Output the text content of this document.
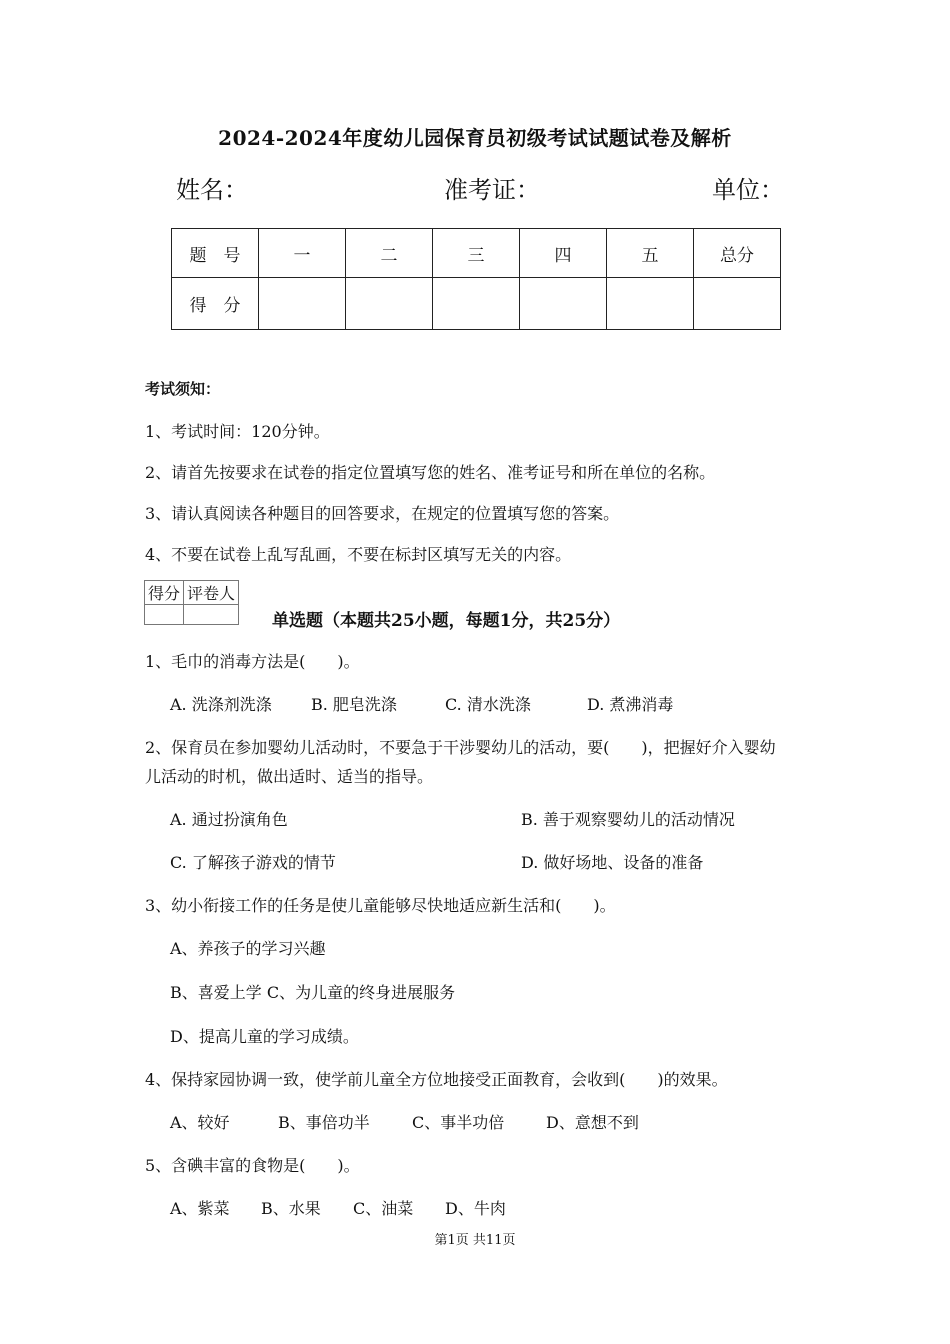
2024-2024年度幼儿园保育员初级考试试题试卷及解析
姓名：	准考证：	单位：
题　号	一	二	三	四	五	总分
得　分						
考试须知：
1、考试时间：120分钟。
2、请首先按要求在试卷的指定位置填写您的姓名、准考证号和所在单位的名称。
3、请认真阅读各种题目的回答要求，在规定的位置填写您的答案。
4、不要在试卷上乱写乱画，不要在标封区填写无关的内容。
得分	评卷人

单选题（本题共25小题，每题1分，共25分）
1、毛巾的消毒方法是(　　)。
A. 洗涤剂洗涤 B. 肥皂洗涤	C. 清水洗涤	D. 煮沸消毒
2、保育员在参加婴幼儿活动时，不要急于干涉婴幼儿的活动，要(　　)，把握好介入婴幼
儿活动的时机，做出适时、适当的指导。
A. 通过扮演角色	B. 善于观察婴幼儿的活动情况
C. 了解孩子游戏的情节	D. 做好场地、设备的准备
3、幼小衔接工作的任务是使儿童能够尽快地适应新生活和(　　)。
A、养孩子的学习兴趣
B、喜爱上学 C、为儿童的终身进展服务
D、提高儿童的学习成绩。
4、保持家园协调一致，使学前儿童全方位地接受正面教育，会收到(　　)的效果。
A、较好	B、事倍功半	C、事半功倍	D、意想不到
5、含碘丰富的食物是(　　)。
A、紫菜 B、水果 C、油菜 D、牛肉
第1页 共11页
